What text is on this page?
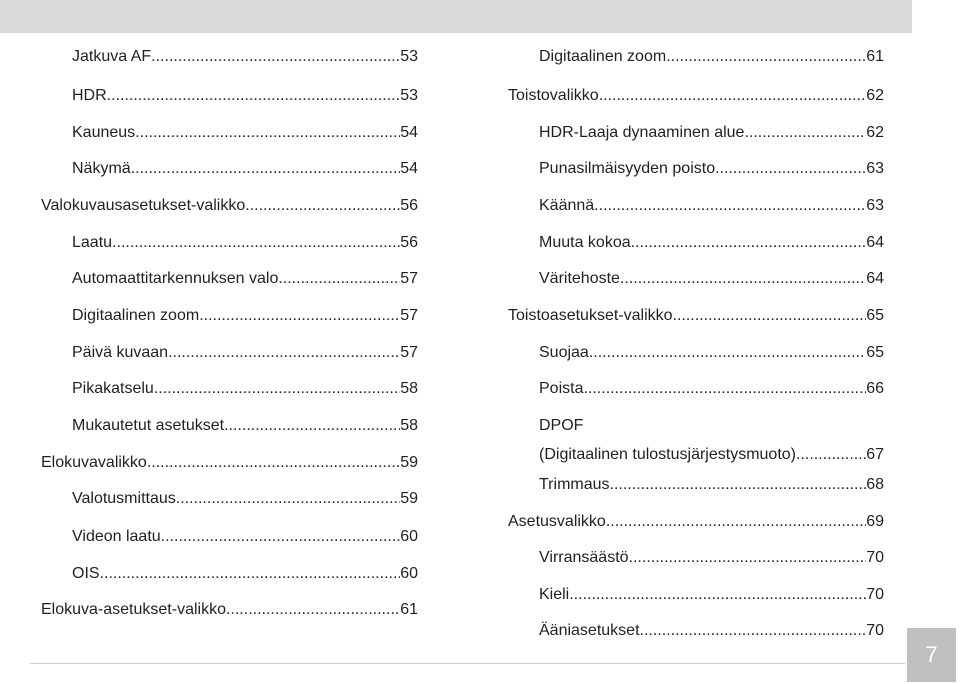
Jatkuva AF .....	53
HDR .....	53
Kauneus .....	54
Näkymä .....	54
Valokuvausasetukset-valikko .....	56
Laatu .....	56
Automaattitarkennuksen valo .....	57
Digitaalinen zoom .....	57
Päivä kuvaan .....	57
Pikakatselu .....	58
Mukautetut asetukset .....	58
Elokuvavalikko .....	59
Valotusmittaus .....	59
Videon laatu .....	60
OIS .....	60
Elokuva-asetukset-valikko .....	61
Digitaalinen zoom .....	61
Toistovalikko .....	62
HDR-Laaja dynaaminen alue .....	62
Punasilmäisyyden poisto .....	63
Käännä .....	63
Muuta kokoa .....	64
Väritehoste .....	64
Toistoasetukset-valikko .....	65
Suojaa .....	65
Poista .....	66
DPOF
(Digitaalinen tulostusjärjestysmuoto) .....	67
Trimmaus .....	68
Asetusvalikko .....	69
Virransäästö .....	70
Kieli .....	70
Ääniasetukset .....	70
7
